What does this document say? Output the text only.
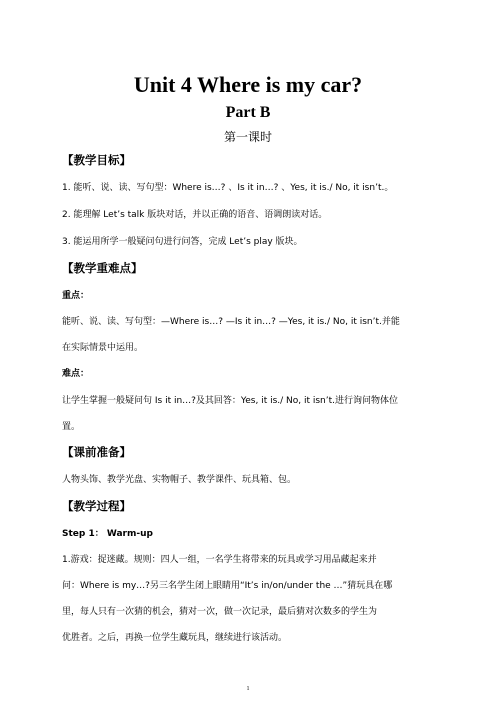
Unit 4 Where is my car?
Part B
第一课时
【教学目标】
1. 能听、说、读、写句型：Where is…? 、Is it in…? 、Yes, it is./ No, it isn’t.。
2. 能理解 Let’s talk 版块对话，并以正确的语音、语调朗读对话。
3. 能运用所学一般疑问句进行问答，完成 Let’s play 版块。
【教学重难点】
重点：
能听、说、读、写句型：—Where is…? —Is it in…? —Yes, it is./ No, it isn’t.并能
在实际情景中运用。
难点：
让学生掌握一般疑问句 Is it in…?及其回答：Yes, it is./ No, it isn’t.进行询问物体位
置。
【课前准备】
人物头饰、教学光盘、实物帽子、教学课件、玩具箱、包。
【教学过程】
Step 1： Warm-up
1.游戏：捉迷藏。规则：四人一组，一名学生将带来的玩具或学习用品藏起来并
问：Where is my…?另三名学生闭上眼睛用“It’s in/on/under the …”猜玩具在哪
里，每人只有一次猜的机会，猜对一次，做一次记录，最后猜对次数多的学生为
优胜者。之后，再换一位学生藏玩具，继续进行该活动。
1
